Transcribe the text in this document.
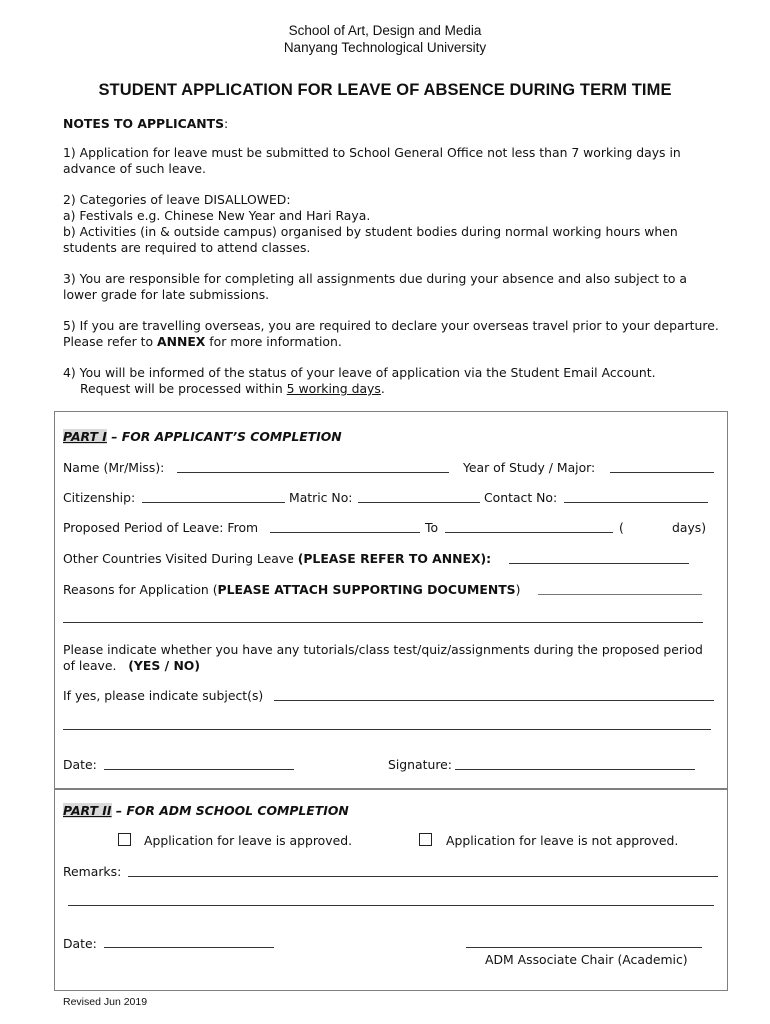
School of Art, Design and Media
Nanyang Technological University
STUDENT APPLICATION FOR LEAVE OF ABSENCE DURING TERM TIME
NOTES TO APPLICANTS:
1) Application for leave must be submitted to School General Office not less than 7 working days in advance of such leave.
2) Categories of leave DISALLOWED:
a) Festivals e.g. Chinese New Year and Hari Raya.
b) Activities (in & outside campus) organised by student bodies during normal working hours when students are required to attend classes.
3) You are responsible for completing all assignments due during your absence and also subject to a lower grade for late submissions.
5) If you are travelling overseas, you are required to declare your overseas travel prior to your departure. Please refer to ANNEX for more information.
4) You will be informed of the status of your leave of application via the Student Email Account.
Request will be processed within 5 working days.
PART I – FOR APPLICANT’S COMPLETION
Name (Mr/Miss):	Year of Study / Major:
Citizenship:	Matric No:	Contact No:
Proposed Period of Leave: From	To	(	days)
Other Countries Visited During Leave (PLEASE REFER TO ANNEX):
Reasons for Application (PLEASE ATTACH SUPPORTING DOCUMENTS)
Please indicate whether you have any tutorials/class test/quiz/assignments during the proposed period
of leave.   (YES / NO)
If yes, please indicate subject(s)
Date:	Signature:
PART II – FOR ADM SCHOOL COMPLETION
Application for leave is approved.	Application for leave is not approved.
Remarks:
Date:
ADM Associate Chair (Academic)
Revised Jun 2019
